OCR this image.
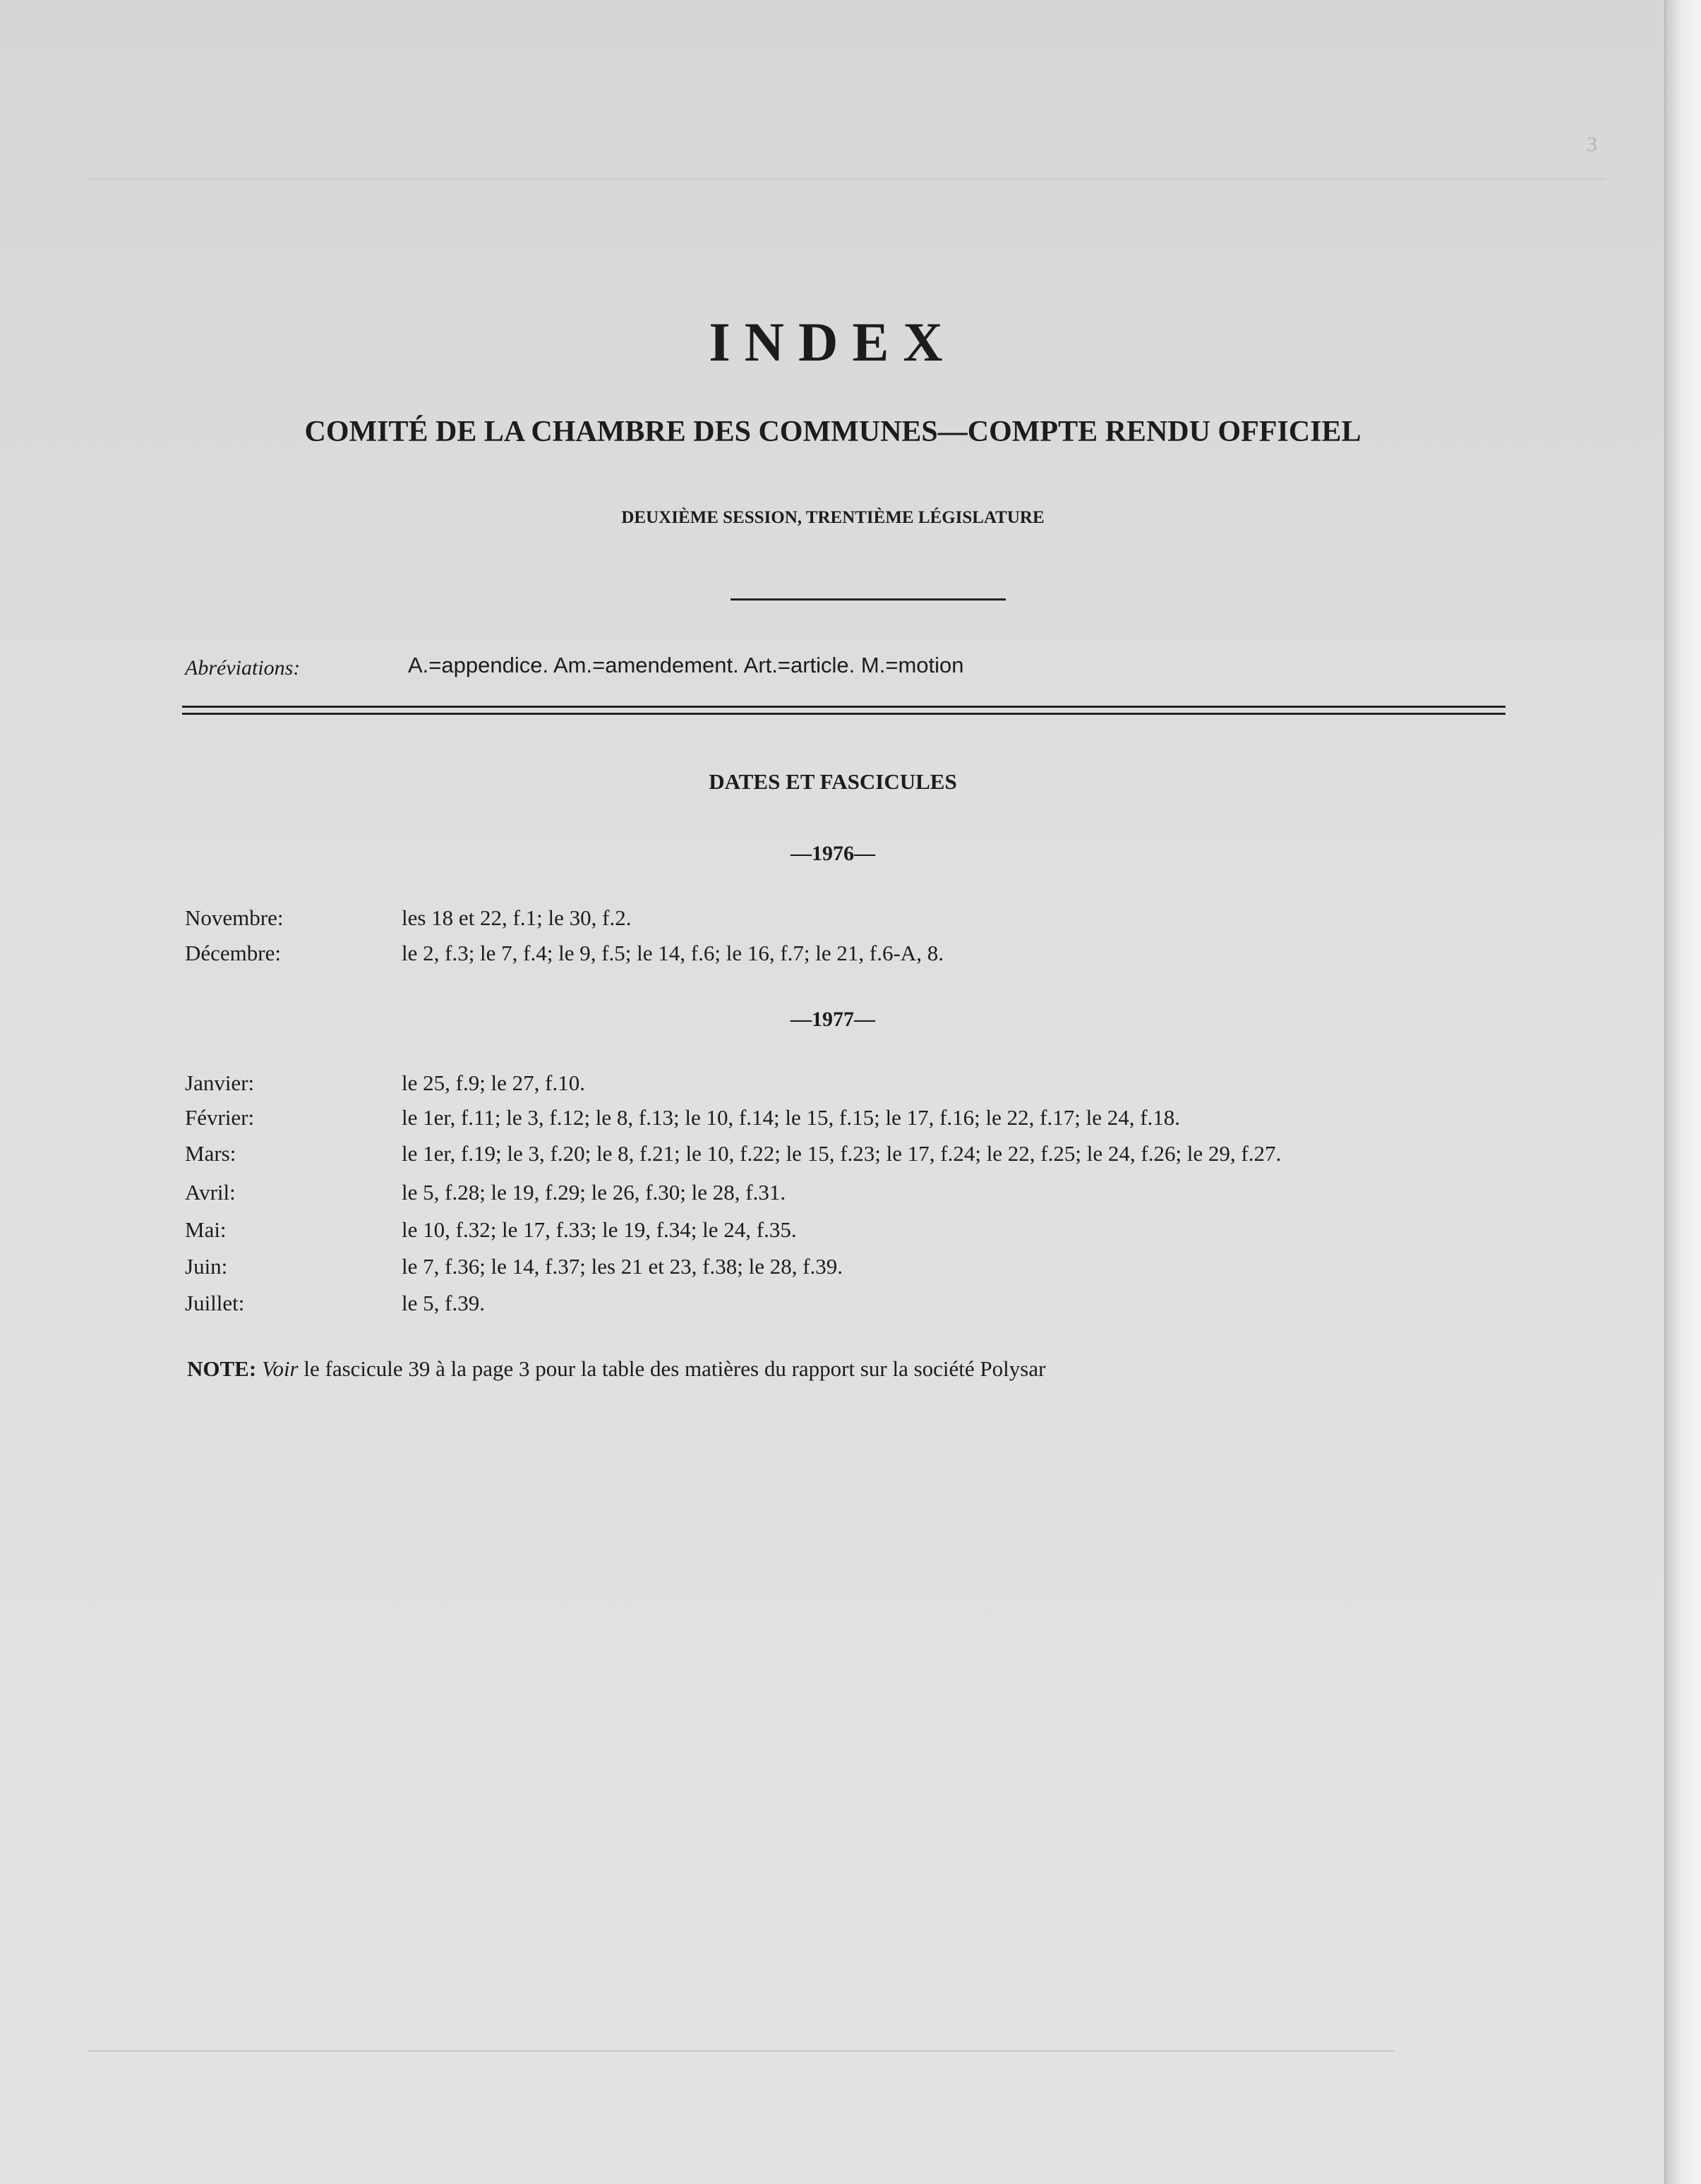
3
INDEX
COMITÉ DE LA CHAMBRE DES COMMUNES—COMPTE RENDU OFFICIEL
DEUXIÈME SESSION, TRENTIÈME LÉGISLATURE
Abréviations:	A.=appendice. Am.=amendement. Art.=article. M.=motion
DATES ET FASCICULES
—1976—
Novembre:	les 18 et 22, f.1; le 30, f.2.
Décembre:	le 2, f.3; le 7, f.4; le 9, f.5; le 14, f.6; le 16, f.7; le 21, f.6-A, 8.
—1977—
Janvier:	le 25, f.9; le 27, f.10.
Février:	le 1er, f.11; le 3, f.12; le 8, f.13; le 10, f.14; le 15, f.15; le 17, f.16; le 22, f.17; le 24, f.18.
Mars:	le 1er, f.19; le 3, f.20; le 8, f.21; le 10, f.22; le 15, f.23; le 17, f.24; le 22, f.25; le 24, f.26; le 29, f.27.
Avril:	le 5, f.28; le 19, f.29; le 26, f.30; le 28, f.31.
Mai:	le 10, f.32; le 17, f.33; le 19, f.34; le 24, f.35.
Juin:	le 7, f.36; le 14, f.37; les 21 et 23, f.38; le 28, f.39.
Juillet:	le 5, f.39.
NOTE: Voir le fascicule 39 à la page 3 pour la table des matières du rapport sur la société Polysar
